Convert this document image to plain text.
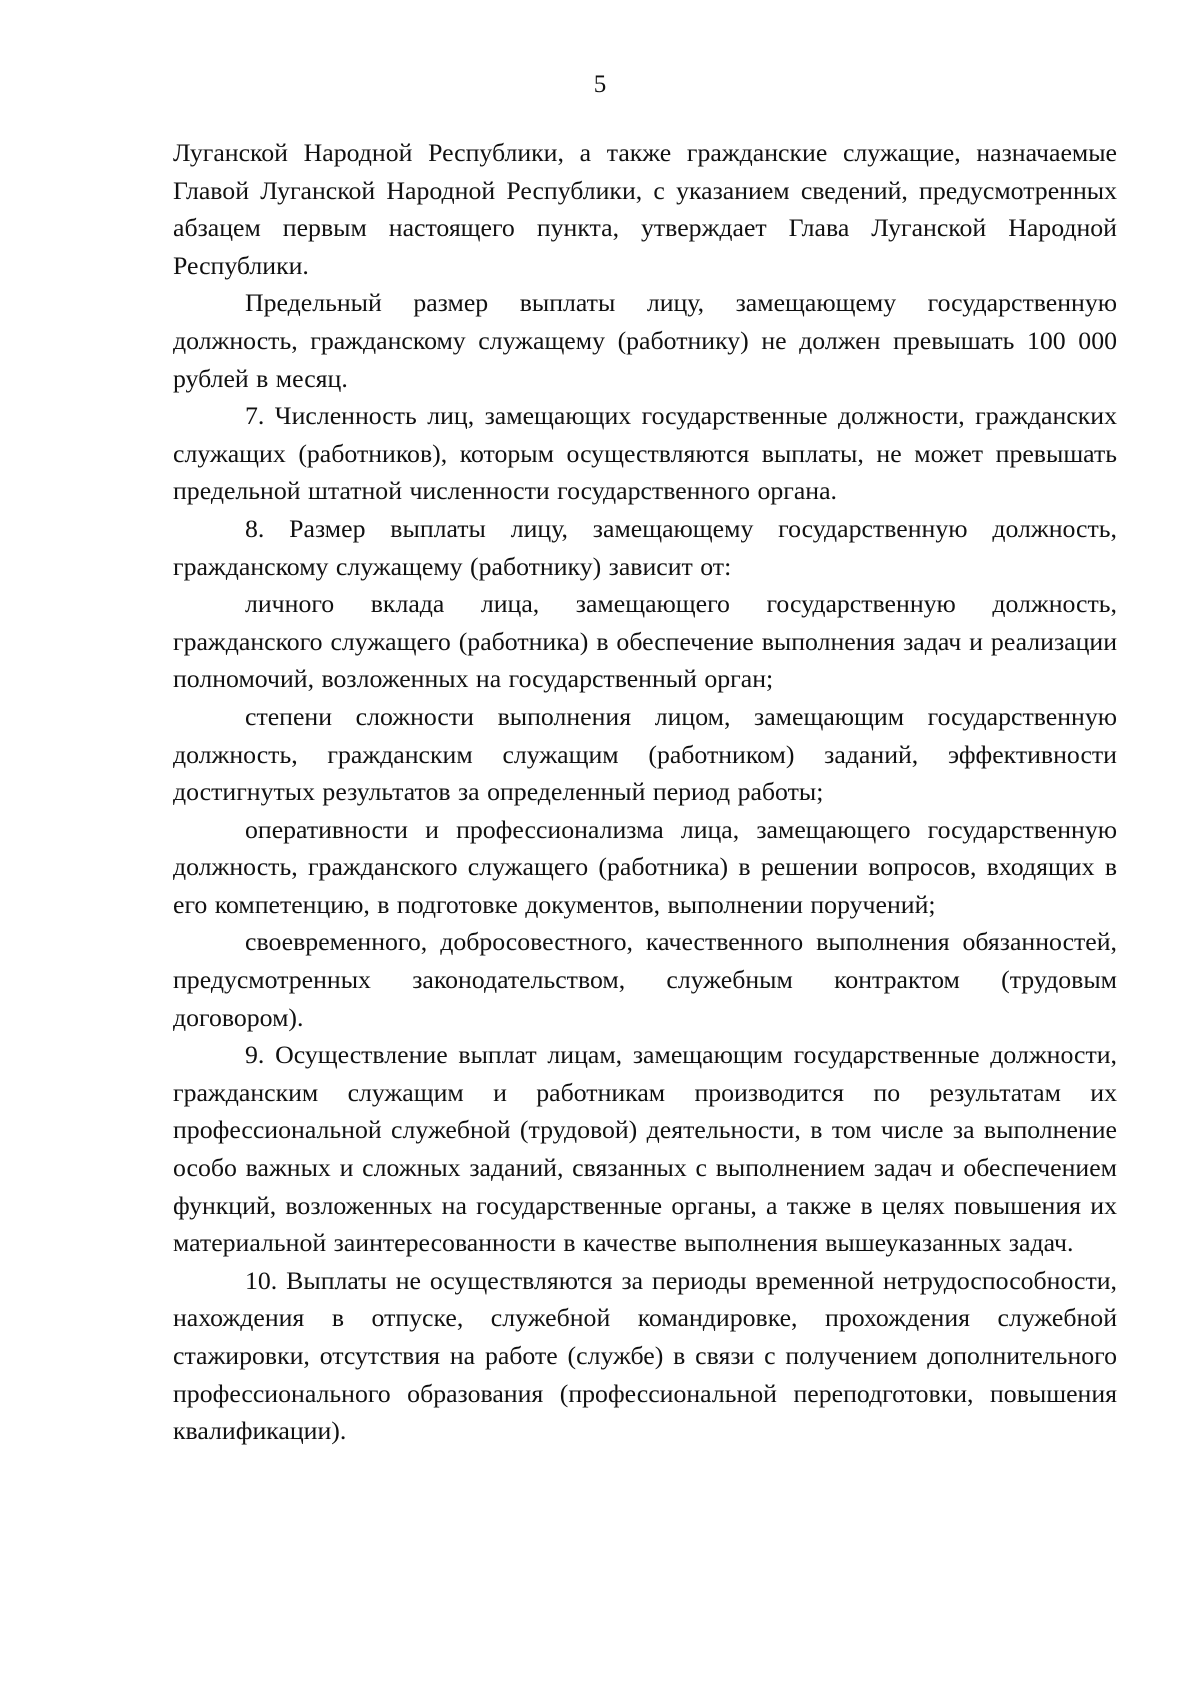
5

Луганской Народной Республики, а также гражданские служащие, назначаемые Главой Луганской Народной Республики, с указанием сведений, предусмотренных абзацем первым настоящего пункта, утверждает Глава Луганской Народной Республики.

Предельный размер выплаты лицу, замещающему государственную должность, гражданскому служащему (работнику) не должен превышать 100 000 рублей в месяц.

7. Численность лиц, замещающих государственные должности, гражданских служащих (работников), которым осуществляются выплаты, не может превышать предельной штатной численности государственного органа.

8. Размер выплаты лицу, замещающему государственную должность, гражданскому служащему (работнику) зависит от:

личного вклада лица, замещающего государственную должность, гражданского служащего (работника) в обеспечение выполнения задач и реализации полномочий, возложенных на государственный орган;

степени сложности выполнения лицом, замещающим государственную должность, гражданским служащим (работником) заданий, эффективности достигнутых результатов за определенный период работы;

оперативности и профессионализма лица, замещающего государственную должность, гражданского служащего (работника) в решении вопросов, входящих в его компетенцию, в подготовке документов, выполнении поручений;

своевременного, добросовестного, качественного выполнения обязанностей, предусмотренных законодательством, служебным контрактом (трудовым договором).

9. Осуществление выплат лицам, замещающим государственные должности, гражданским служащим и работникам производится по результатам их профессиональной служебной (трудовой) деятельности, в том числе за выполнение особо важных и сложных заданий, связанных с выполнением задач и обеспечением функций, возложенных на государственные органы, а также в целях повышения их материальной заинтересованности в качестве выполнения вышеуказанных задач.

10. Выплаты не осуществляются за периоды временной нетрудоспособности, нахождения в отпуске, служебной командировке, прохождения служебной стажировки, отсутствия на работе (службе) в связи с получением дополнительного профессионального образования (профессиональной переподготовки, повышения квалификации).
